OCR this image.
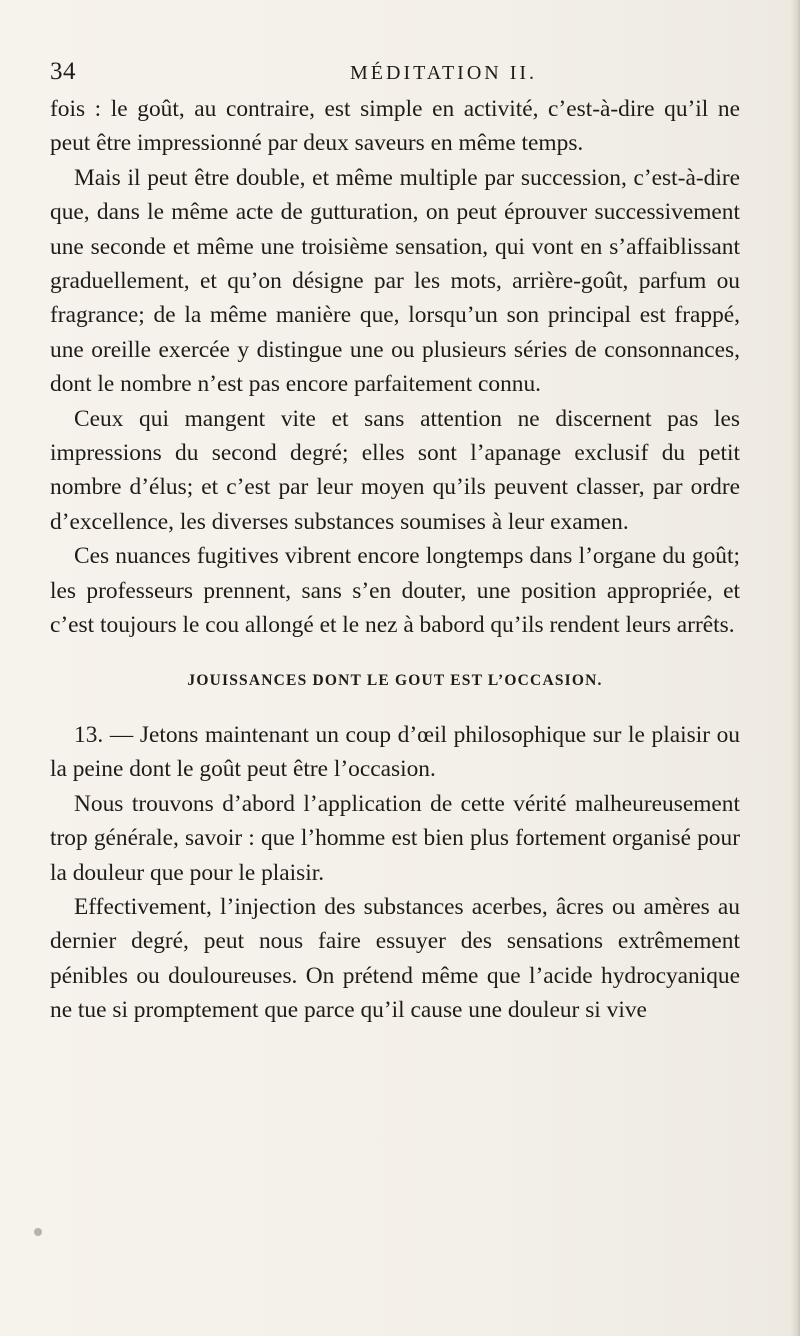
34	MÉDITATION II.

fois : le goût, au contraire, est simple en activité, c’est-à-dire qu’il ne peut être impressionné par deux saveurs en même temps.

Mais il peut être double, et même multiple par succession, c’est-à-dire que, dans le même acte de gutturation, on peut éprouver successivement une seconde et même une troisième sensation, qui vont en s’affaiblissant graduellement, et qu’on désigne par les mots, arrière-goût, parfum ou fragrance; de la même manière que, lorsqu’un son principal est frappé, une oreille exercée y distingue une ou plusieurs séries de consonnances, dont le nombre n’est pas encore parfaitement connu.

Ceux qui mangent vite et sans attention ne discernent pas les impressions du second degré; elles sont l’apanage exclusif du petit nombre d’élus; et c’est par leur moyen qu’ils peuvent classer, par ordre d’excellence, les diverses substances soumises à leur examen.

Ces nuances fugitives vibrent encore longtemps dans l’organe du goût; les professeurs prennent, sans s’en douter, une position appropriée, et c’est toujours le cou allongé et le nez à babord qu’ils rendent leurs arrêts.

JOUISSANCES DONT LE GOUT EST L’OCCASION.

13. — Jetons maintenant un coup d’œil philosophique sur le plaisir ou la peine dont le goût peut être l’occasion.

Nous trouvons d’abord l’application de cette vérité malheureusement trop générale, savoir : que l’homme est bien plus fortement organisé pour la douleur que pour le plaisir.

Effectivement, l’injection des substances acerbes, âcres ou amères au dernier degré, peut nous faire essuyer des sensations extrêmement pénibles ou douloureuses. On prétend même que l’acide hydrocyanique ne tue si promptement que parce qu’il cause une douleur si vive
